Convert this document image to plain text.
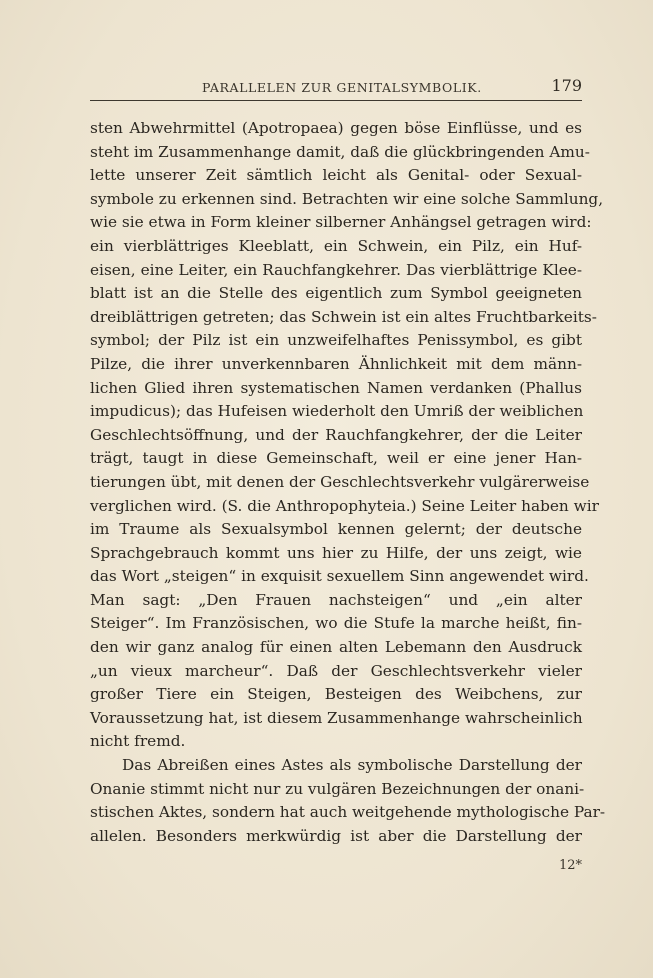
PARALLELEN ZUR GENITALSYMBOLIK.	179
sten Abwehrmittel (Apotropaea) gegen böse Einflüsse, und es
steht im Zusammenhange damit, daß die glückbringenden Amu-
lette unserer Zeit sämtlich leicht als Genital- oder Sexual-
symbole zu erkennen sind. Betrachten wir eine solche Sammlung,
wie sie etwa in Form kleiner silberner Anhängsel getragen wird:
ein vierblättriges Kleeblatt, ein Schwein, ein Pilz, ein Huf-
eisen, eine Leiter, ein Rauchfangkehrer. Das vierblättrige Klee-
blatt ist an die Stelle des eigentlich zum Symbol geeigneten
dreiblättrigen getreten; das Schwein ist ein altes Fruchtbarkeits-
symbol; der Pilz ist ein unzweifelhaftes Penissymbol, es gibt
Pilze, die ihrer unverkennbaren Ähnlichkeit mit dem männ-
lichen Glied ihren systematischen Namen verdanken (Phallus
impudicus); das Hufeisen wiederholt den Umriß der weiblichen
Geschlechtsöffnung, und der Rauchfangkehrer, der die Leiter
trägt, taugt in diese Gemeinschaft, weil er eine jener Han-
tierungen übt, mit denen der Geschlechtsverkehr vulgärerweise
verglichen wird. (S. die Anthropophyteia.) Seine Leiter haben wir
im Traume als Sexualsymbol kennen gelernt; der deutsche
Sprachgebrauch kommt uns hier zu Hilfe, der uns zeigt, wie
das Wort „steigen“ in exquisit sexuellem Sinn angewendet wird.
Man sagt: „Den Frauen nachsteigen“ und „ein alter
Steiger“. Im Französischen, wo die Stufe la marche heißt, fin-
den wir ganz analog für einen alten Lebemann den Ausdruck
„un vieux marcheur“. Daß der Geschlechtsverkehr vieler
großer Tiere ein Steigen, Besteigen des Weibchens, zur
Voraussetzung hat, ist diesem Zusammenhange wahrscheinlich
nicht fremd.
Das Abreißen eines Astes als symbolische Darstellung der
Onanie stimmt nicht nur zu vulgären Bezeichnungen der onani-
stischen Aktes, sondern hat auch weitgehende mythologische Par-
allelen. Besonders merkwürdig ist aber die Darstellung der
12*
